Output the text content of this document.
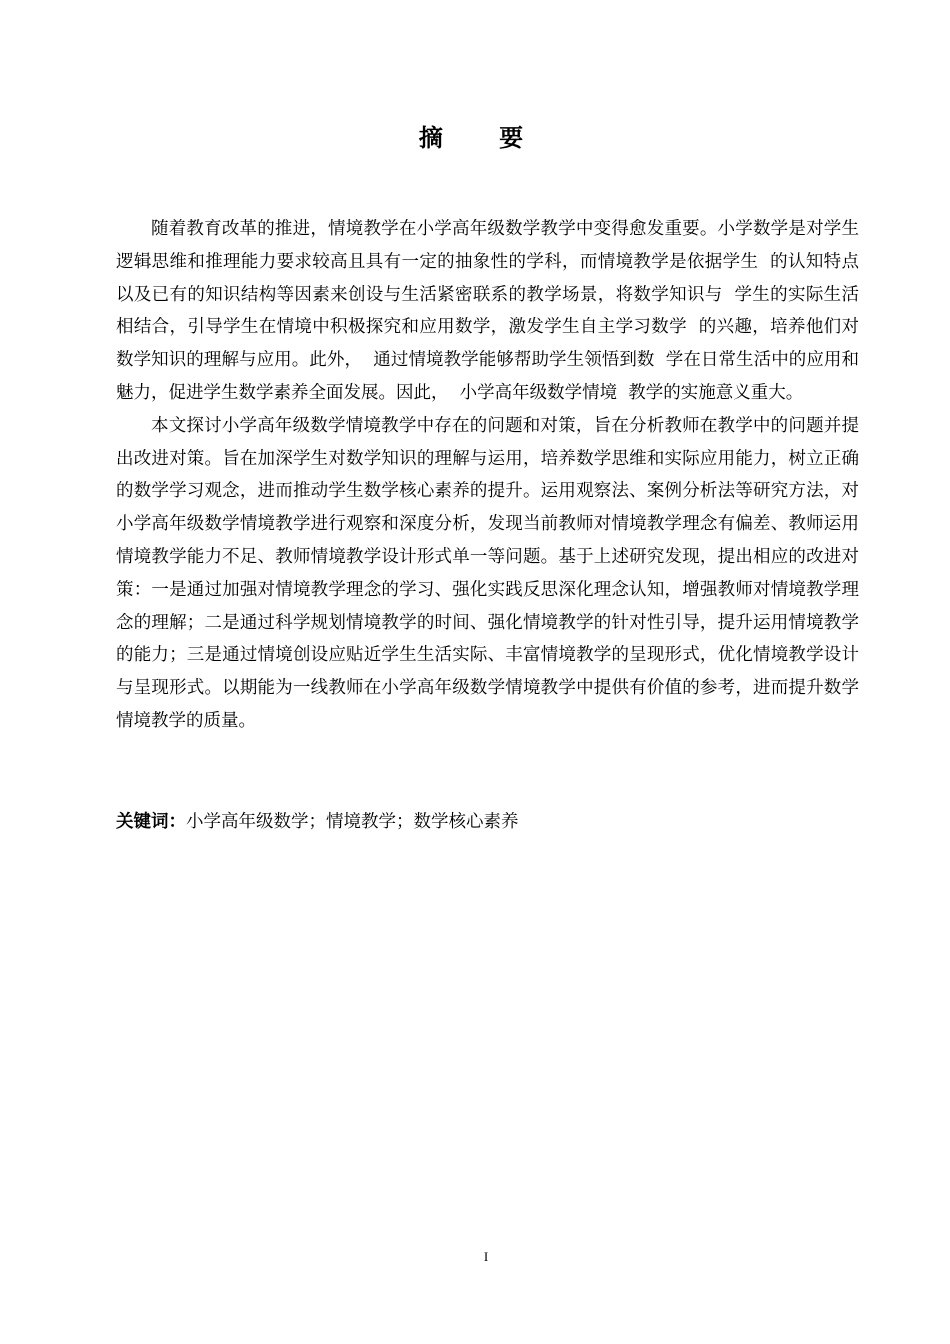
摘 要

随着教育改革的推进，情境教学在小学高年级数学教学中变得愈发重要。小学数学是对学生逻辑思维和推理能力要求较高且具有一定的抽象性的学科，而情境教学是依据学生  的认知特点以及已有的知识结构等因素来创设与生活紧密联系的教学场景，将数学知识与  学生的实际生活相结合，引导学生在情境中积极探究和应用数学，激发学生自主学习数学  的兴趣，培养他们对数学知识的理解与应用。此外，  通过情境教学能够帮助学生领悟到数  学在日常生活中的应用和魅力，促进学生数学素养全面发展。因此，  小学高年级数学情境  教学的实施意义重大。

本文探讨小学高年级数学情境教学中存在的问题和对策，旨在分析教师在教学中的问题并提出改进对策。旨在加深学生对数学知识的理解与运用，培养数学思维和实际应用能力，树立正确的数学学习观念，进而推动学生数学核心素养的提升。运用观察法、案例分析法等研究方法，对小学高年级数学情境教学进行观察和深度分析，发现当前教师对情境教学理念有偏差、教师运用情境教学能力不足、教师情境教学设计形式单一等问题。基于上述研究发现，提出相应的改进对策：一是通过加强对情境教学理念的学习、强化实践反思深化理念认知，增强教师对情境教学理念的理解；二是通过科学规划情境教学的时间、强化情境教学的针对性引导，提升运用情境教学的能力；三是通过情境创设应贴近学生生活实际、丰富情境教学的呈现形式，优化情境教学设计与呈现形式。以期能为一线教师在小学高年级数学情境教学中提供有价值的参考，进而提升数学情境教学的质量。

关键词：小学高年级数学；情境教学；数学核心素养
I
